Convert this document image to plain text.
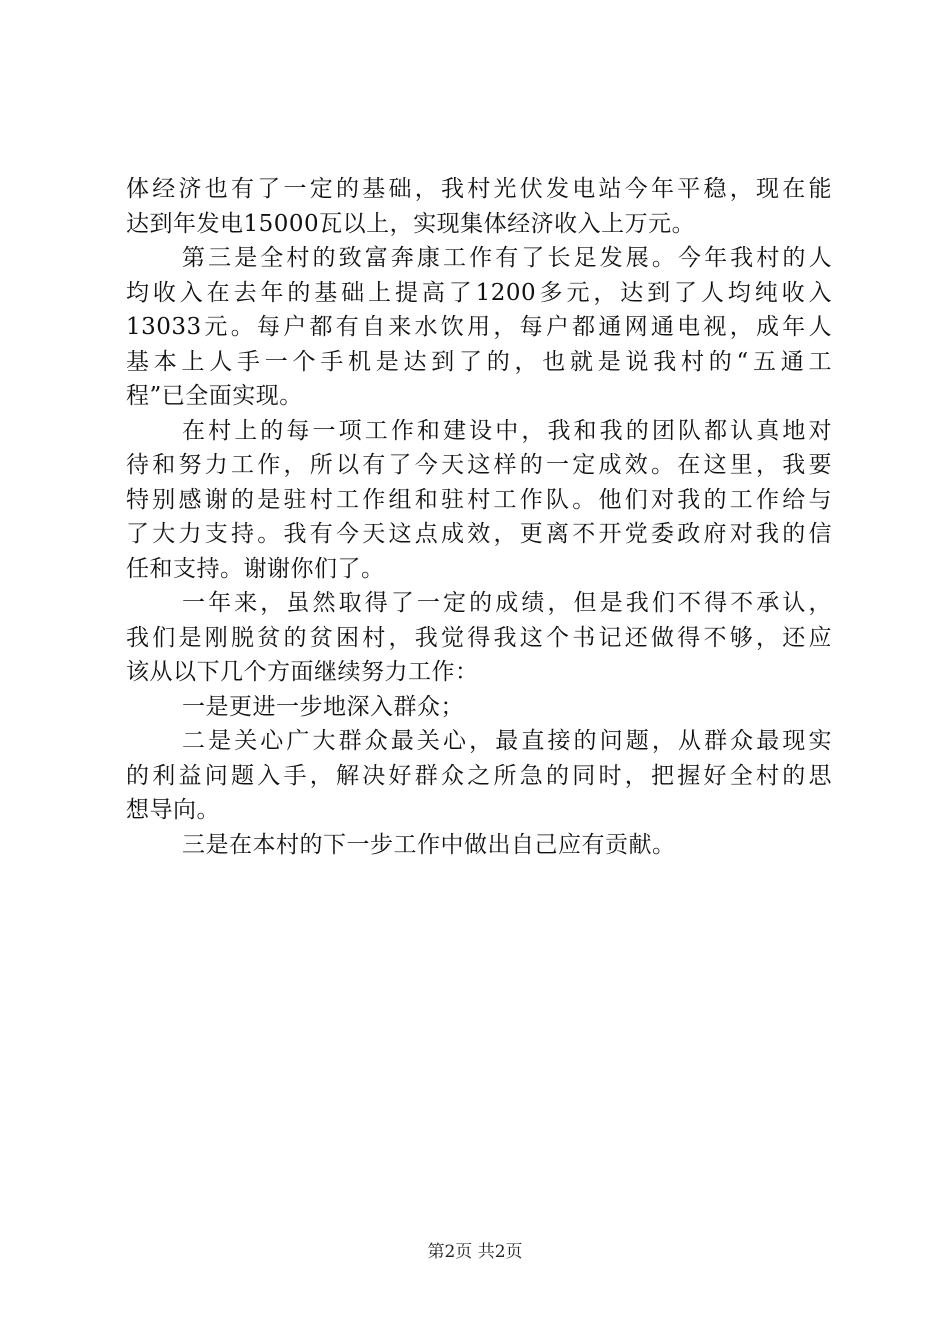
体经济也有了一定的基础，我村光伏发电站今年平稳，现在能
达到年发电15000瓦以上，实现集体经济收入上万元。
第三是全村的致富奔康工作有了长足发展。今年我村的人
均收入在去年的基础上提高了1200多元，达到了人均纯收入
13033元。每户都有自来水饮用，每户都通网通电视，成年人
基本上人手一个手机是达到了的，也就是说我村的“五通工
程”已全面实现。
在村上的每一项工作和建设中，我和我的团队都认真地对
待和努力工作，所以有了今天这样的一定成效。在这里，我要
特别感谢的是驻村工作组和驻村工作队。他们对我的工作给与
了大力支持。我有今天这点成效，更离不开党委政府对我的信
任和支持。谢谢你们了。
一年来，虽然取得了一定的成绩，但是我们不得不承认，
我们是刚脱贫的贫困村，我觉得我这个书记还做得不够，还应
该从以下几个方面继续努力工作：
一是更进一步地深入群众；
二是关心广大群众最关心，最直接的问题，从群众最现实
的利益问题入手，解决好群众之所急的同时，把握好全村的思
想导向。
三是在本村的下一步工作中做出自己应有贡献。
第2页 共2页
